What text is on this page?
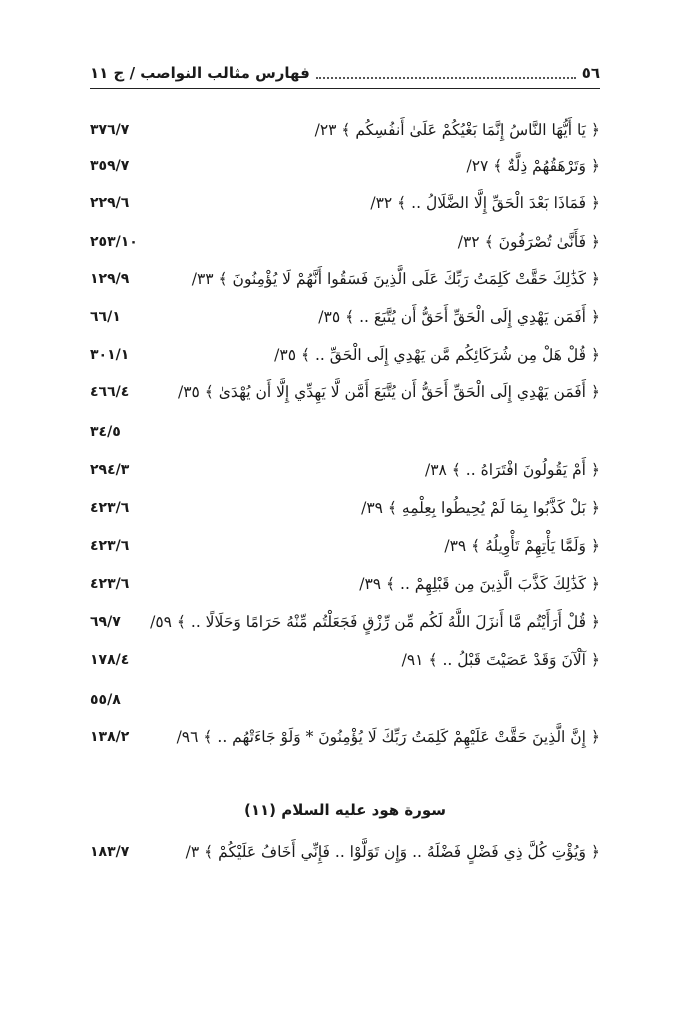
٥٦
فهارس مثالب النواصب / ج ١١
﴿ يَا أَيُّهَا النَّاسُ إِنَّمَا بَغْيُكُمْ عَلَىٰ أَنفُسِكُم ﴾ ٢٣/
٣٧٦/٧
﴿ وَتَرْهَقُهُمْ ذِلَّةٌ ﴾ ٢٧/
٣٥٩/٧
﴿ فَمَاذَا بَعْدَ الْحَقِّ إِلَّا الضَّلَالُ .. ﴾ ٣٢/
٢٢٩/٦
﴿ فَأَنَّىٰ تُصْرَفُونَ ﴾ ٣٢/
٢٥٣/١٠
﴿ كَذَٰلِكَ حَقَّتْ كَلِمَتُ رَبِّكَ عَلَى الَّذِينَ فَسَقُوا أَنَّهُمْ لَا يُؤْمِنُونَ ﴾ ٣٣/
١٢٩/٩
﴿ أَفَمَن يَهْدِي إِلَى الْحَقِّ أَحَقُّ أَن يُتَّبَعَ .. ﴾ ٣٥/
٦٦/١
﴿ قُلْ هَلْ مِن شُرَكَائِكُم مَّن يَهْدِي إِلَى الْحَقِّ .. ﴾ ٣٥/
٣٠١/١
﴿ أَفَمَن يَهْدِي إِلَى الْحَقِّ أَحَقُّ أَن يُتَّبَعَ أَمَّن لَّا يَهِدِّي إِلَّا أَن يُهْدَىٰ ﴾ ٣٥/
٤٦٦/٤
٣٤/٥
﴿ أَمْ يَقُولُونَ افْتَرَاهُ .. ﴾ ٣٨/
٢٩٤/٣
﴿ بَلْ كَذَّبُوا بِمَا لَمْ يُحِيطُوا بِعِلْمِهِ ﴾ ٣٩/
٤٢٣/٦
﴿ وَلَمَّا يَأْتِهِمْ تَأْوِيلُهُ ﴾ ٣٩/
٤٢٣/٦
﴿ كَذَٰلِكَ كَذَّبَ الَّذِينَ مِن قَبْلِهِمْ .. ﴾ ٣٩/
٤٢٣/٦
﴿ قُلْ أَرَأَيْتُم مَّا أَنزَلَ اللَّهُ لَكُم مِّن رِّزْقٍ فَجَعَلْتُم مِّنْهُ حَرَامًا وَحَلَالًا .. ﴾ ٥٩/
٦٩/٧
﴿ آلْآنَ وَقَدْ عَصَيْتَ قَبْلُ .. ﴾ ٩١/
١٧٨/٤
٥٥/٨
﴿ إِنَّ الَّذِينَ حَقَّتْ عَلَيْهِمْ كَلِمَتُ رَبِّكَ لَا يُؤْمِنُونَ * وَلَوْ جَاءَتْهُم .. ﴾ ٩٦/
١٣٨/٢
سورة هود عليه السلام (١١)
﴿ وَيُؤْتِ كُلَّ ذِي فَضْلٍ فَضْلَهُ .. وَإِن تَوَلَّوْا .. فَإِنِّي أَخَافُ عَلَيْكُمْ ﴾ ٣/
١٨٣/٧
